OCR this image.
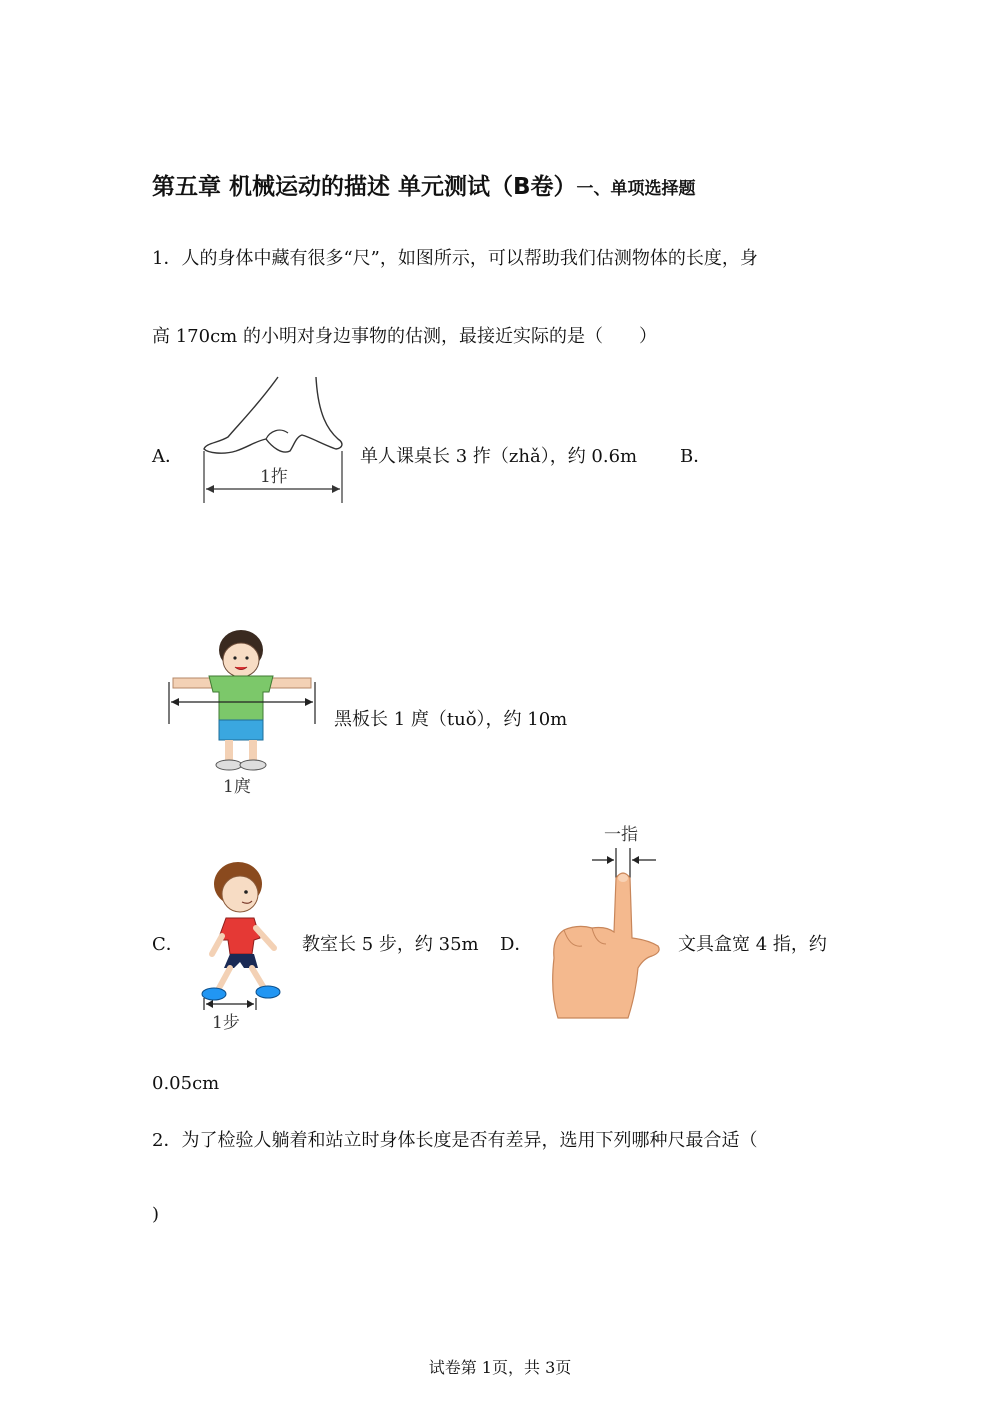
第五章 机械运动的描述 单元测试（B卷）一、单项选择题
1．人的身体中藏有很多“尺”，如图所示，可以帮助我们估测物体的长度，身
高 170cm 的小明对身边事物的估测，最接近实际的是（　　）
A．
1拃
单人课桌长 3 拃（zhǎ），约 0.6m B．
1庹
黑板长 1 庹（tuǒ），约 10m
C．
1步
教室长 5 步，约 35m D．
一指
文具盒宽 4 指，约
0.05cm
2．为了检验人躺着和站立时身体长度是否有差异，选用下列哪种尺最合适（
)
试卷第 1页，共 3页
